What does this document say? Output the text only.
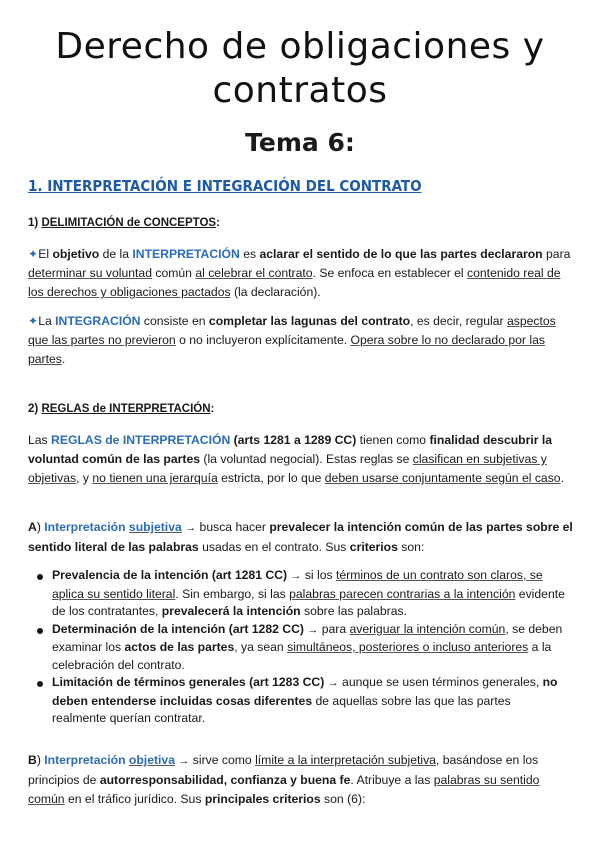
Derecho de obligaciones y
contratos
Tema 6:
1. INTERPRETACIÓN E INTEGRACIÓN DEL CONTRATO
1) DELIMITACIÓN de CONCEPTOS:
✦El objetivo de la INTERPRETACIÓN es aclarar el sentido de lo que las partes declararon para determinar su voluntad común al celebrar el contrato. Se enfoca en establecer el contenido real de los derechos y obligaciones pactados (la declaración).
✦La INTEGRACIÓN consiste en completar las lagunas del contrato, es decir, regular aspectos que las partes no previeron o no incluyeron explícitamente. Opera sobre lo no declarado por las partes.
2) REGLAS de INTERPRETACIÓN:
Las REGLAS de INTERPRETACIÓN (arts 1281 a 1289 CC) tienen como finalidad descubrir la voluntad común de las partes (la voluntad negocial). Estas reglas se clasifican en subjetivas y objetivas, y no tienen una jerarquía estricta, por lo que deben usarse conjuntamente según el caso.
A) Interpretación subjetiva → busca hacer prevalecer la intención común de las partes sobre el sentido literal de las palabras usadas en el contrato. Sus criterios son:
Prevalencia de la intención (art 1281 CC) → si los términos de un contrato son claros, se aplica su sentido literal. Sin embargo, si las palabras parecen contrarias a la intención evidente de los contratantes, prevalecerá la intención sobre las palabras.
Determinación de la intención (art 1282 CC) → para averiguar la intención común, se deben examinar los actos de las partes, ya sean simultáneos, posteriores o incluso anteriores a la celebración del contrato.
Limitación de términos generales (art 1283 CC) → aunque se usen términos generales, no deben entenderse incluidas cosas diferentes de aquellas sobre las que las partes realmente querían contratar.
B) Interpretación objetiva → sirve como límite a la interpretación subjetiva, basándose en los principios de autorresponsabilidad, confianza y buena fe. Atribuye a las palabras su sentido común en el tráfico jurídico. Sus principales criterios son (6):
